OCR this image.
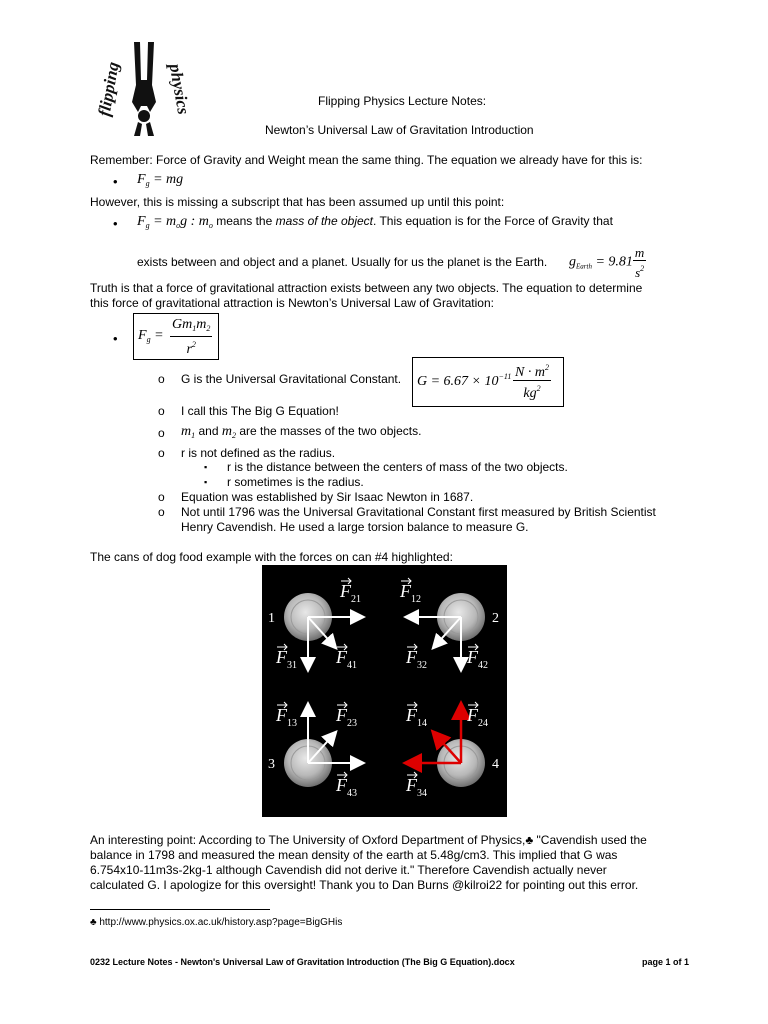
flipping	physics	Flipping Physics Lecture Notes:
Newton’s Universal Law of Gravitation Introduction
Remember: Force of Gravity and Weight mean the same thing. The equation we already have for this is:
• $F_g$ = mg
However, this is missing a subscript that has been assumed up until this point:
• $F_g = m_og$ : $m_o$ means the mass of the object. This equation is for the Force of Gravity that
exists between and object and a planet. Usually for us the planet is the Earth. $g_{Earth} = 9.81 \frac{m}{s^2}$
Truth is that a force of gravitational attraction exists between any two objects. The equation to determine
this force of gravitational attraction is Newton’s Universal Law of Gravitation:
• $F_g = \frac{Gm_1m_2}{r^2}$
o G is the Universal Gravitational Constant. $G = 6.67 \times 10^{-11} \frac{N \cdot m^2}{kg^2}$
o I call this The Big G Equation!
o $m_1$ and $m_2$ are the masses of the two objects.
o r is not defined as the radius.
▪ r is the distance between the centers of mass of the two objects.
▪ r sometimes is the radius.
o Equation was established by Sir Isaac Newton in 1687.
o Not until 1796 was the Universal Gravitational Constant first measured by British Scientist
Henry Cavendish. He used a large torsion balance to measure G.
The cans of dog food example with the forces on can #4 highlighted:
1	2
3	4
$F_{21}$ $F_{12}$
$F_{31}$ $F_{41}$	$F_{32}$ $F_{42}$
$F_{13}$ $F_{23}$	$F_{14}$ $F_{24}$
$F_{43}$	$F_{34}$
An interesting point: According to The University of Oxford Department of Physics,♣ "Cavendish used the
balance in 1798 and measured the mean density of the earth at 5.48g/cm3. This implied that G was
6.754x10-11m3s-2kg-1 although Cavendish did not derive it." Therefore Cavendish actually never
calculated G. I apologize for this oversight! Thank you to Dan Burns @kilroi22 for pointing out this error.
♣ http://www.physics.ox.ac.uk/history.asp?page=BigGHis
0232 Lecture Notes - Newton's Universal Law of Gravitation Introduction (The Big G Equation).docx	page 1 of 1
